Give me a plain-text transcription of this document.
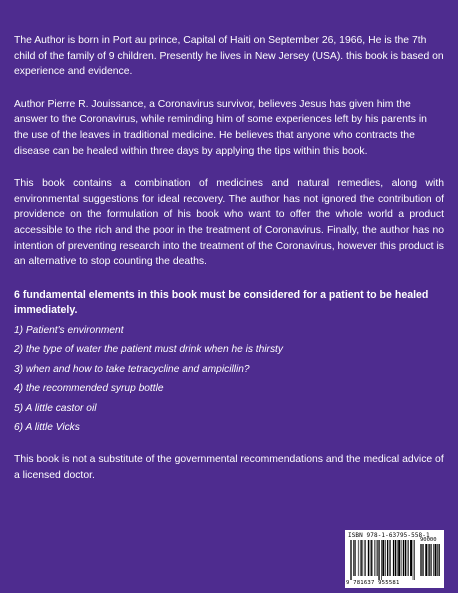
The Author is born in Port au prince, Capital of Haiti on September 26, 1966, He is the 7th child of the family of 9 children. Presently he lives in New Jersey (USA). this book is based on experience and evidence.

Author Pierre R. Jouissance, a Coronavirus survivor, believes Jesus has given him the answer to the Coronavirus, while reminding him of some experiences left by his parents in the use of the leaves in traditional medicine. He believes that anyone who contracts the disease can be healed within three days by applying the tips within this book.

This book contains a combination of medicines and natural remedies, along with environmental suggestions for ideal recovery. The author has not ignored the contribution of providence on the formulation of his book who want to offer the whole world a product accessible to the rich and the poor in the treatment of Coronavirus. Finally, the author has no intention of preventing research into the treatment of the Coronavirus, however this product is an alternative to stop counting the deaths.

6 fundamental elements in this book must be considered for a patient to be healed immediately.

1) Patient's environment
2) the type of water the patient must drink when he is thirsty
3) when and how to take tetracycline and ampicillin?
4) the recommended syrup bottle
5) A little castor oil
6) A little Vicks

This book is not a substitute of the governmental recommendations and the medical advice of a licensed doctor.

ISBN 978-1-63795-558-1
90000
9 781637 955581
